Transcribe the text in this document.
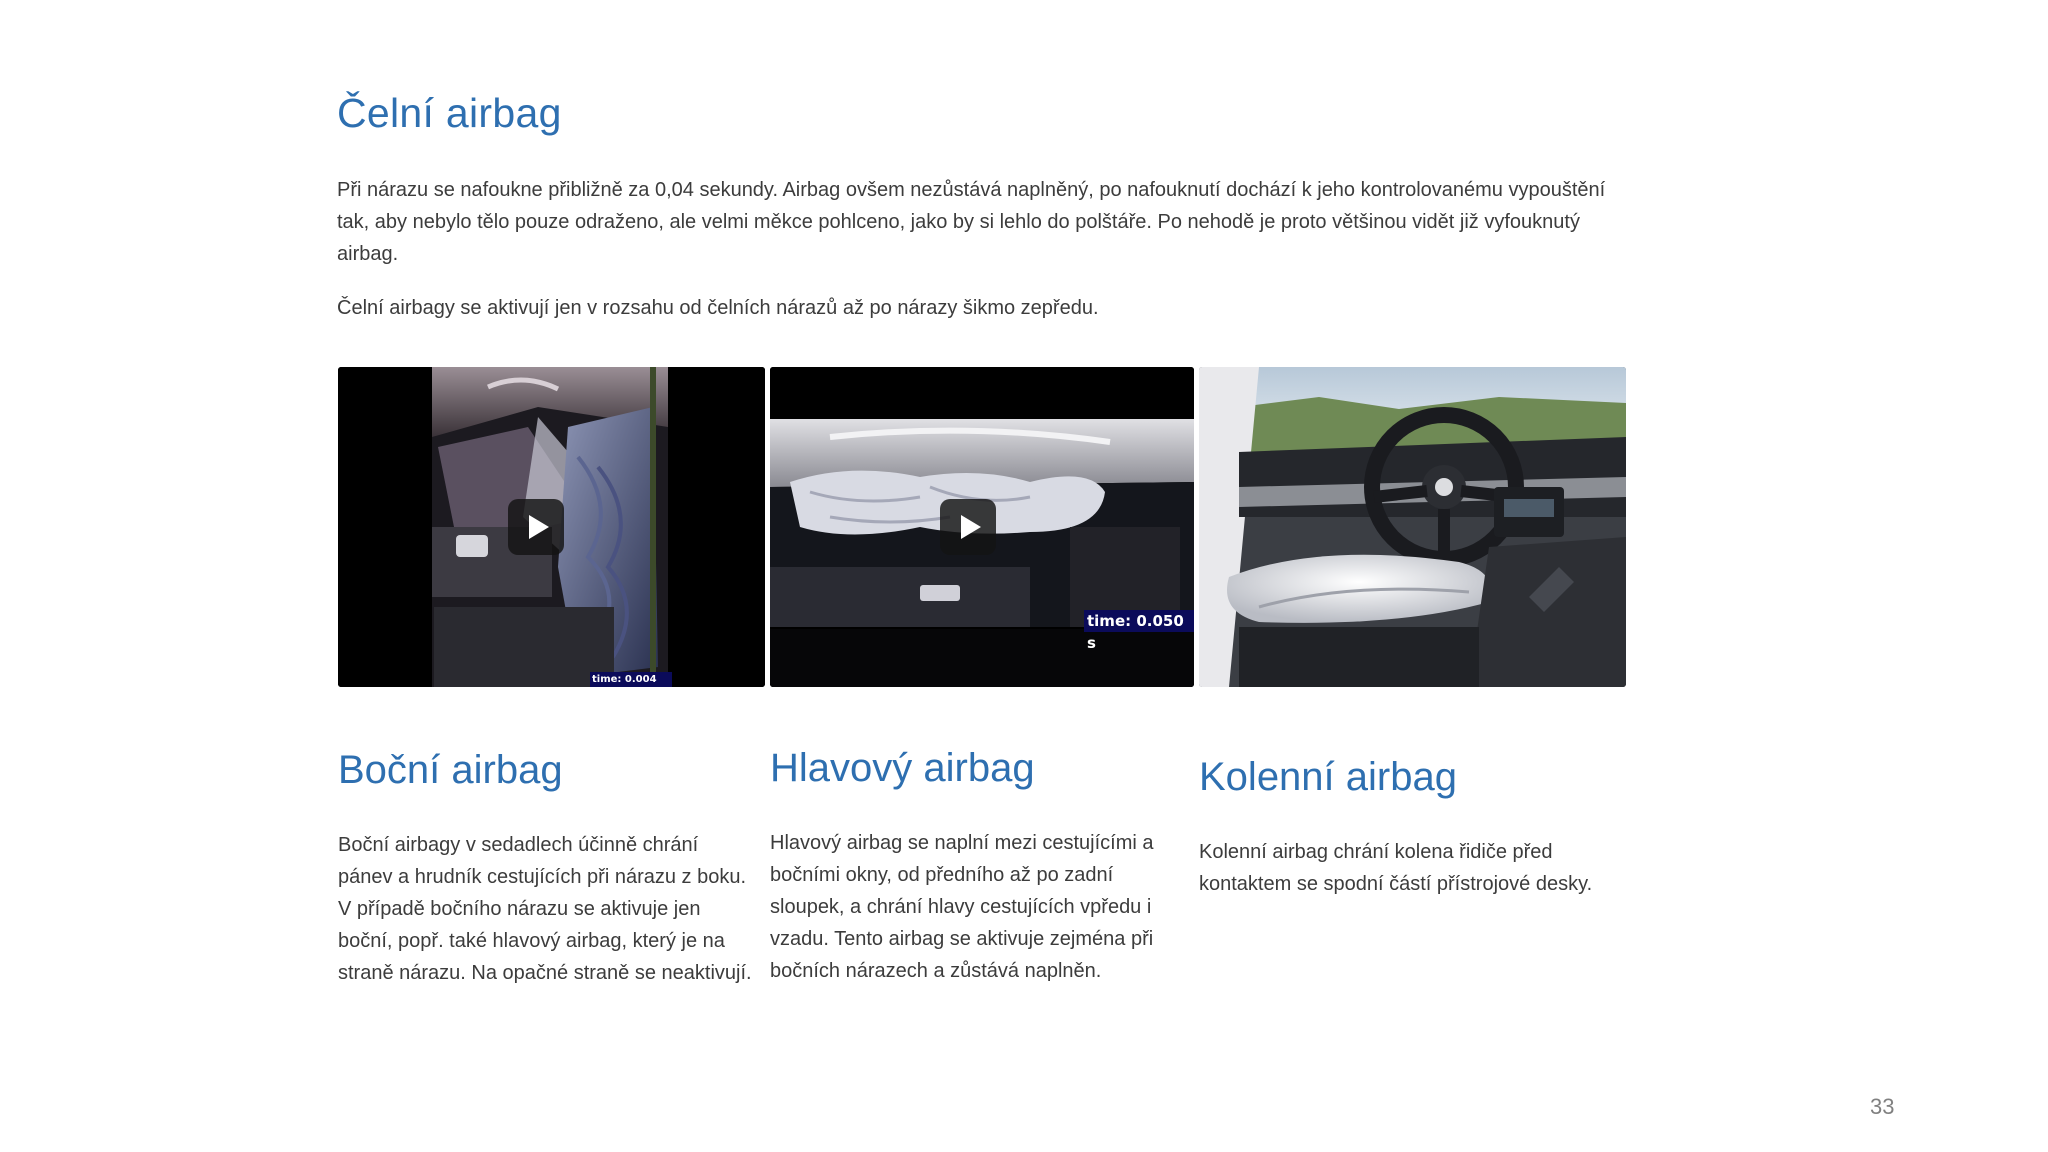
Čelní airbag

Při nárazu se nafoukne přibližně za 0,04 sekundy. Airbag ovšem nezůstává naplněný, po nafouknutí dochází k jeho kontrolovanému vypouštění tak, aby nebylo tělo pouze odraženo, ale velmi měkce pohlceno, jako by si lehlo do polštáře. Po nehodě je proto většinou vidět již vyfouknutý airbag.

Čelní airbagy se aktivují jen v rozsahu od čelních nárazů až po nárazy šikmo zepředu.

time: 0.004
time: 0.050 s
Boční airbag

Boční airbagy v sedadlech účinně chrání pánev a hrudník cestujících při nárazu z boku. V případě bočního nárazu se aktivuje jen boční, popř. také hlavový airbag, který je na straně nárazu. Na opačné straně se neaktivují.

Hlavový airbag

Hlavový airbag se naplní mezi cestujícími a bočními okny, od předního až po zadní sloupek, a chrání hlavy cestujících vpředu i vzadu. Tento airbag se aktivuje zejména při bočních nárazech a zůstává naplněn.

Kolenní airbag

Kolenní airbag chrání kolena řidiče před kontaktem se spodní částí přístrojové desky.

33
